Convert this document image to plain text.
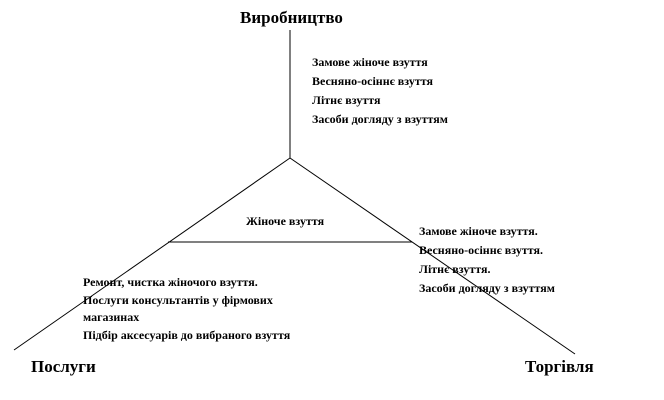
Виробництво
Послуги	Торгівля
Жіноче взуття
Замове жіноче взуття
Весняно-осіннє взуття
Літнє взуття
Засоби догляду з взуттям
Замове жіноче взуття.
Весняно-осіннє взуття.
Літнє взуття.
Засоби догляду з взуттям
Ремонт, чистка жіночого взуття.
Послуги консультантів у фірмових
магазинах
Підбір аксесуарів до вибраного взуття
